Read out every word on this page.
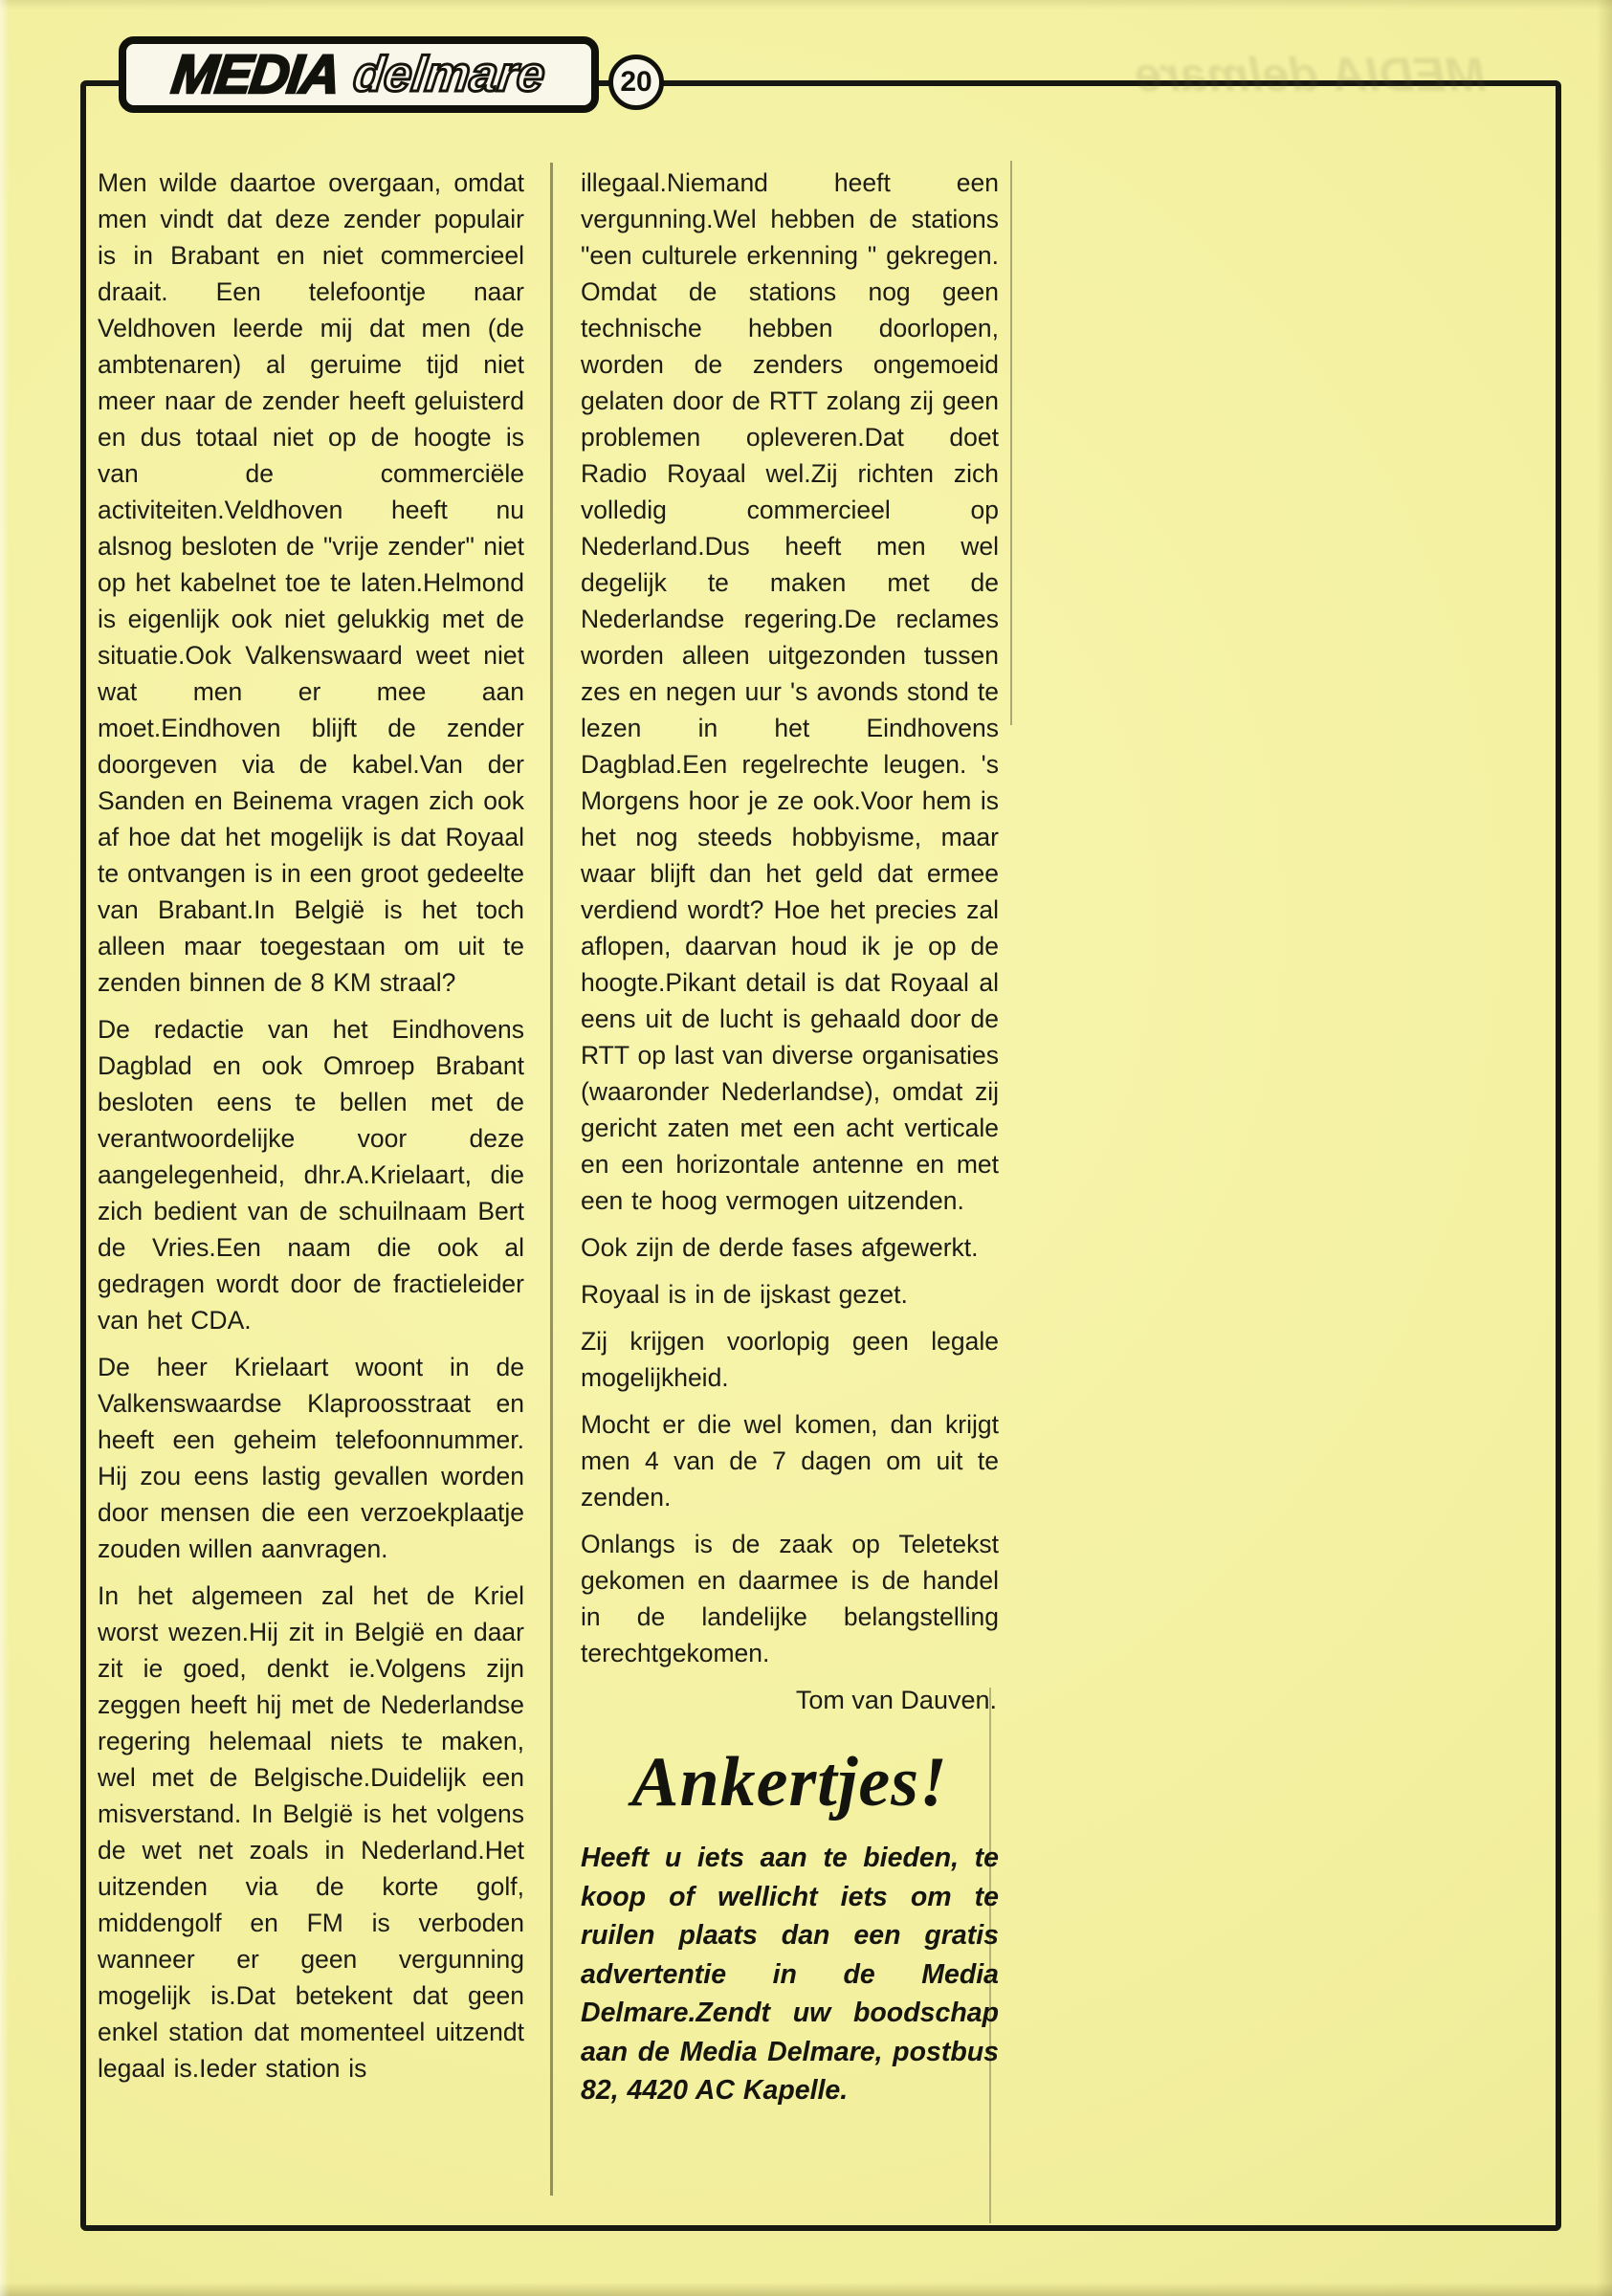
MEDIA
delmare
MEDIA delmare	20

Men wilde daartoe overgaan, omdat men vindt dat deze zender populair is in Brabant en niet commercieel draait. Een telefoontje naar Veldhoven leerde mij dat men (de ambtenaren) al geruime tijd niet meer naar de zender heeft geluisterd en dus totaal niet op de hoogte is van de commerciële activiteiten.Veldhoven heeft nu alsnog besloten de "vrije zender" niet op het kabelnet toe te laten.Helmond is eigenlijk ook niet gelukkig met de situatie.Ook Valkenswaard weet niet wat men er mee aan moet.Eindhoven blijft de zender doorgeven via de kabel.Van der Sanden en Beinema vragen zich ook af hoe dat het mogelijk is dat Royaal te ontvangen is in een groot gedeelte van Brabant.In België is het toch alleen maar toegestaan om uit te zenden binnen de 8 KM straal?

De redactie van het Eindhovens Dagblad en ook Omroep Brabant besloten eens te bellen met de verantwoordelijke voor deze aangelegenheid, dhr.A.Krielaart, die zich bedient van de schuilnaam Bert de Vries.Een naam die ook al gedragen wordt door de fractieleider van het CDA.

De heer Krielaart woont in de Valkenswaardse Klaproosstraat en heeft een geheim telefoonnummer. Hij zou eens lastig gevallen worden door mensen die een verzoekplaatje zouden willen aanvragen.

In het algemeen zal het de Kriel worst wezen.Hij zit in België en daar zit ie goed, denkt ie.Volgens zijn zeggen heeft hij met de Nederlandse regering helemaal niets te maken, wel met de Belgische.Duidelijk een misverstand. In België is het volgens de wet net zoals in Nederland.Het uitzenden via de korte golf, middengolf en FM is verboden wanneer er geen vergunning mogelijk is.Dat betekent dat geen enkel station dat momenteel uitzendt legaal is.Ieder station is

illegaal.Niemand heeft een vergunning.Wel hebben de stations "een culturele erkenning " gekregen. Omdat de stations nog geen technische hebben doorlopen, worden de zenders ongemoeid gelaten door de RTT zolang zij geen problemen opleveren.Dat doet Radio Royaal wel.Zij richten zich volledig commercieel op Nederland.Dus heeft men wel degelijk te maken met de Nederlandse regering.De reclames worden alleen uitgezonden tussen zes en negen uur 's avonds stond te lezen in het Eindhovens Dagblad.Een regelrechte leugen. 's Morgens hoor je ze ook.Voor hem is het nog steeds hobbyisme, maar waar blijft dan het geld dat ermee verdiend wordt? Hoe het precies zal aflopen, daarvan houd ik je op de hoogte.Pikant detail is dat Royaal al eens uit de lucht is gehaald door de RTT op last van diverse organisaties (waaronder Nederlandse), omdat zij gericht zaten met een acht verticale en een horizontale antenne en met een te hoog vermogen uitzenden.

Ook zijn de derde fases afgewerkt.

Royaal is in de ijskast gezet.

Zij krijgen voorlopig geen legale mogelijkheid.

Mocht er die wel komen, dan krijgt men 4 van de 7 dagen om uit te zenden.

Onlangs is de zaak op Teletekst gekomen en daarmee is de handel in de landelijke belangstelling terechtgekomen.

Tom van Dauven.

Ankertjes!

Heeft u iets aan te bieden, te koop of wellicht iets om te ruilen plaats dan een gratis advertentie in de Media Delmare.Zendt uw boodschap aan de Media Delmare, postbus 82, 4420 AC Kapelle.
